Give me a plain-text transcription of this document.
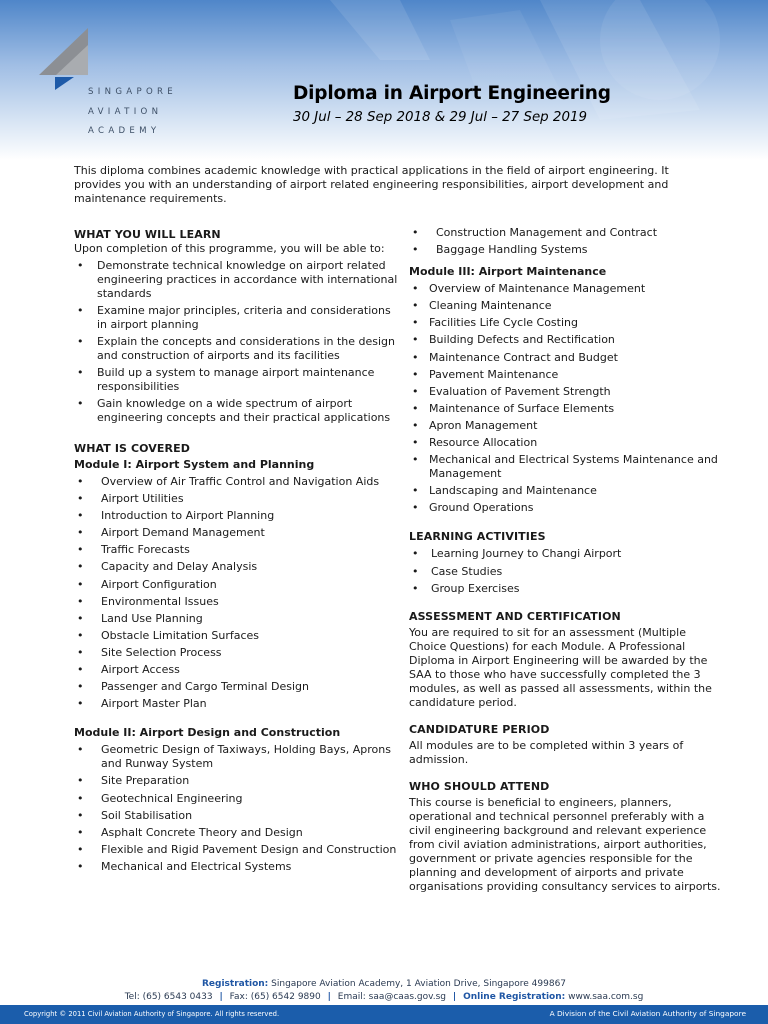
SINGAPORE
AVIATION
ACADEMY
Diploma in Airport Engineering
30 Jul – 28 Sep 2018 & 29 Jul – 27 Sep 2019

This diploma combines academic knowledge with practical applications in the field of airport engineering. It provides you with an understanding of airport related engineering responsibilities, airport development and maintenance requirements.

WHAT YOU WILL LEARN
Upon completion of this programme, you will be able to:
• Demonstrate technical knowledge on airport related engineering practices in accordance with international standards
• Examine major principles, criteria and considerations in airport planning
• Explain the concepts and considerations in the design and construction of airports and its facilities
• Build up a system to manage airport maintenance responsibilities
• Gain knowledge on a wide spectrum of airport engineering concepts and their practical applications
WHAT IS COVERED
Module I: Airport System and Planning
• Overview of Air Traffic Control and Navigation Aids
• Airport Utilities
• Introduction to Airport Planning
• Airport Demand Management
• Traffic Forecasts
• Capacity and Delay Analysis
• Airport Configuration
• Environmental Issues
• Land Use Planning
• Obstacle Limitation Surfaces
• Site Selection Process
• Airport Access
• Passenger and Cargo Terminal Design
• Airport Master Plan
Module II: Airport Design and Construction
• Geometric Design of Taxiways, Holding Bays, Aprons and Runway System
• Site Preparation
• Geotechnical Engineering
• Soil Stabilisation
• Asphalt Concrete Theory and Design
• Flexible and Rigid Pavement Design and Construction
• Mechanical and Electrical Systems
• Construction Management and Contract
• Baggage Handling Systems
Module III: Airport Maintenance
• Overview of Maintenance Management
• Cleaning Maintenance
• Facilities Life Cycle Costing
• Building Defects and Rectification
• Maintenance Contract and Budget
• Pavement Maintenance
• Evaluation of Pavement Strength
• Maintenance of Surface Elements
• Apron Management
• Resource Allocation
• Mechanical and Electrical Systems Maintenance and Management
• Landscaping and Maintenance
• Ground Operations
LEARNING ACTIVITIES
• Learning Journey to Changi Airport
• Case Studies
• Group Exercises
ASSESSMENT AND CERTIFICATION

You are required to sit for an assessment (Multiple Choice Questions) for each Module. A Professional Diploma in Airport Engineering will be awarded by the SAA to those who have successfully completed the 3 modules, as well as passed all assessments, within the candidature period.

CANDIDATURE PERIOD

All modules are to be completed within 3 years of admission.

WHO SHOULD ATTEND

This course is beneficial to engineers, planners, operational and technical personnel preferably with a civil engineering background and relevant experience from civil aviation administrations, airport authorities, government or private agencies responsible for the planning and development of airports and private organisations providing consultancy services to airports.

Registration: Singapore Aviation Academy, 1 Aviation Drive, Singapore 499867
Tel: (65) 6543 0433 | Fax: (65) 6542 9890 | Email: saa@caas.gov.sg | Online Registration: www.saa.com.sg
Copyright © 2011 Civil Aviation Authority of Singapore. All rights reserved.	A Division of the Civil Aviation Authority of Singapore
